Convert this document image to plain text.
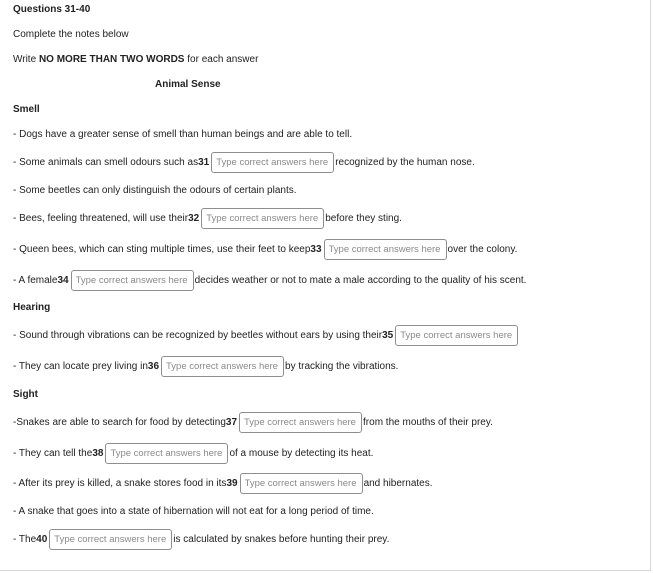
Questions 31-40
Complete the notes below
Write NO MORE THAN TWO WORDS for each answer
Animal Sense
Smell
- Dogs have a greater sense of smell than human beings and are able to tell.
- Some animals can smell odours such as 31
Type correct answers here	recognized by the human nose.
- Some beetles can only distinguish the odours of certain plants.
- Bees, feeling threatened, will use their 32
Type correct answers here	before they sting.
- Queen bees, which can sting multiple times, use their feet to keep 33
Type correct answers here	over the colony.
- A female 34
Type correct answers here	decides weather or not to mate a male according to the quality of his scent.
Hearing
- Sound through vibrations can be recognized by beetles without ears by using their 35
Type correct answers here
- They can locate prey living in 36
Type correct answers here	by tracking the vibrations.
Sight
-Snakes are able to search for food by detecting 37
Type correct answers here	from the mouths of their prey.
- They can tell the 38
Type correct answers here	of a mouse by detecting its heat.
- After its prey is killed, a snake stores food in its 39
Type correct answers here	and hibernates.
- A snake that goes into a state of hibernation will not eat for a long period of time.
- The 40
Type correct answers here	is calculated by snakes before hunting their prey.
